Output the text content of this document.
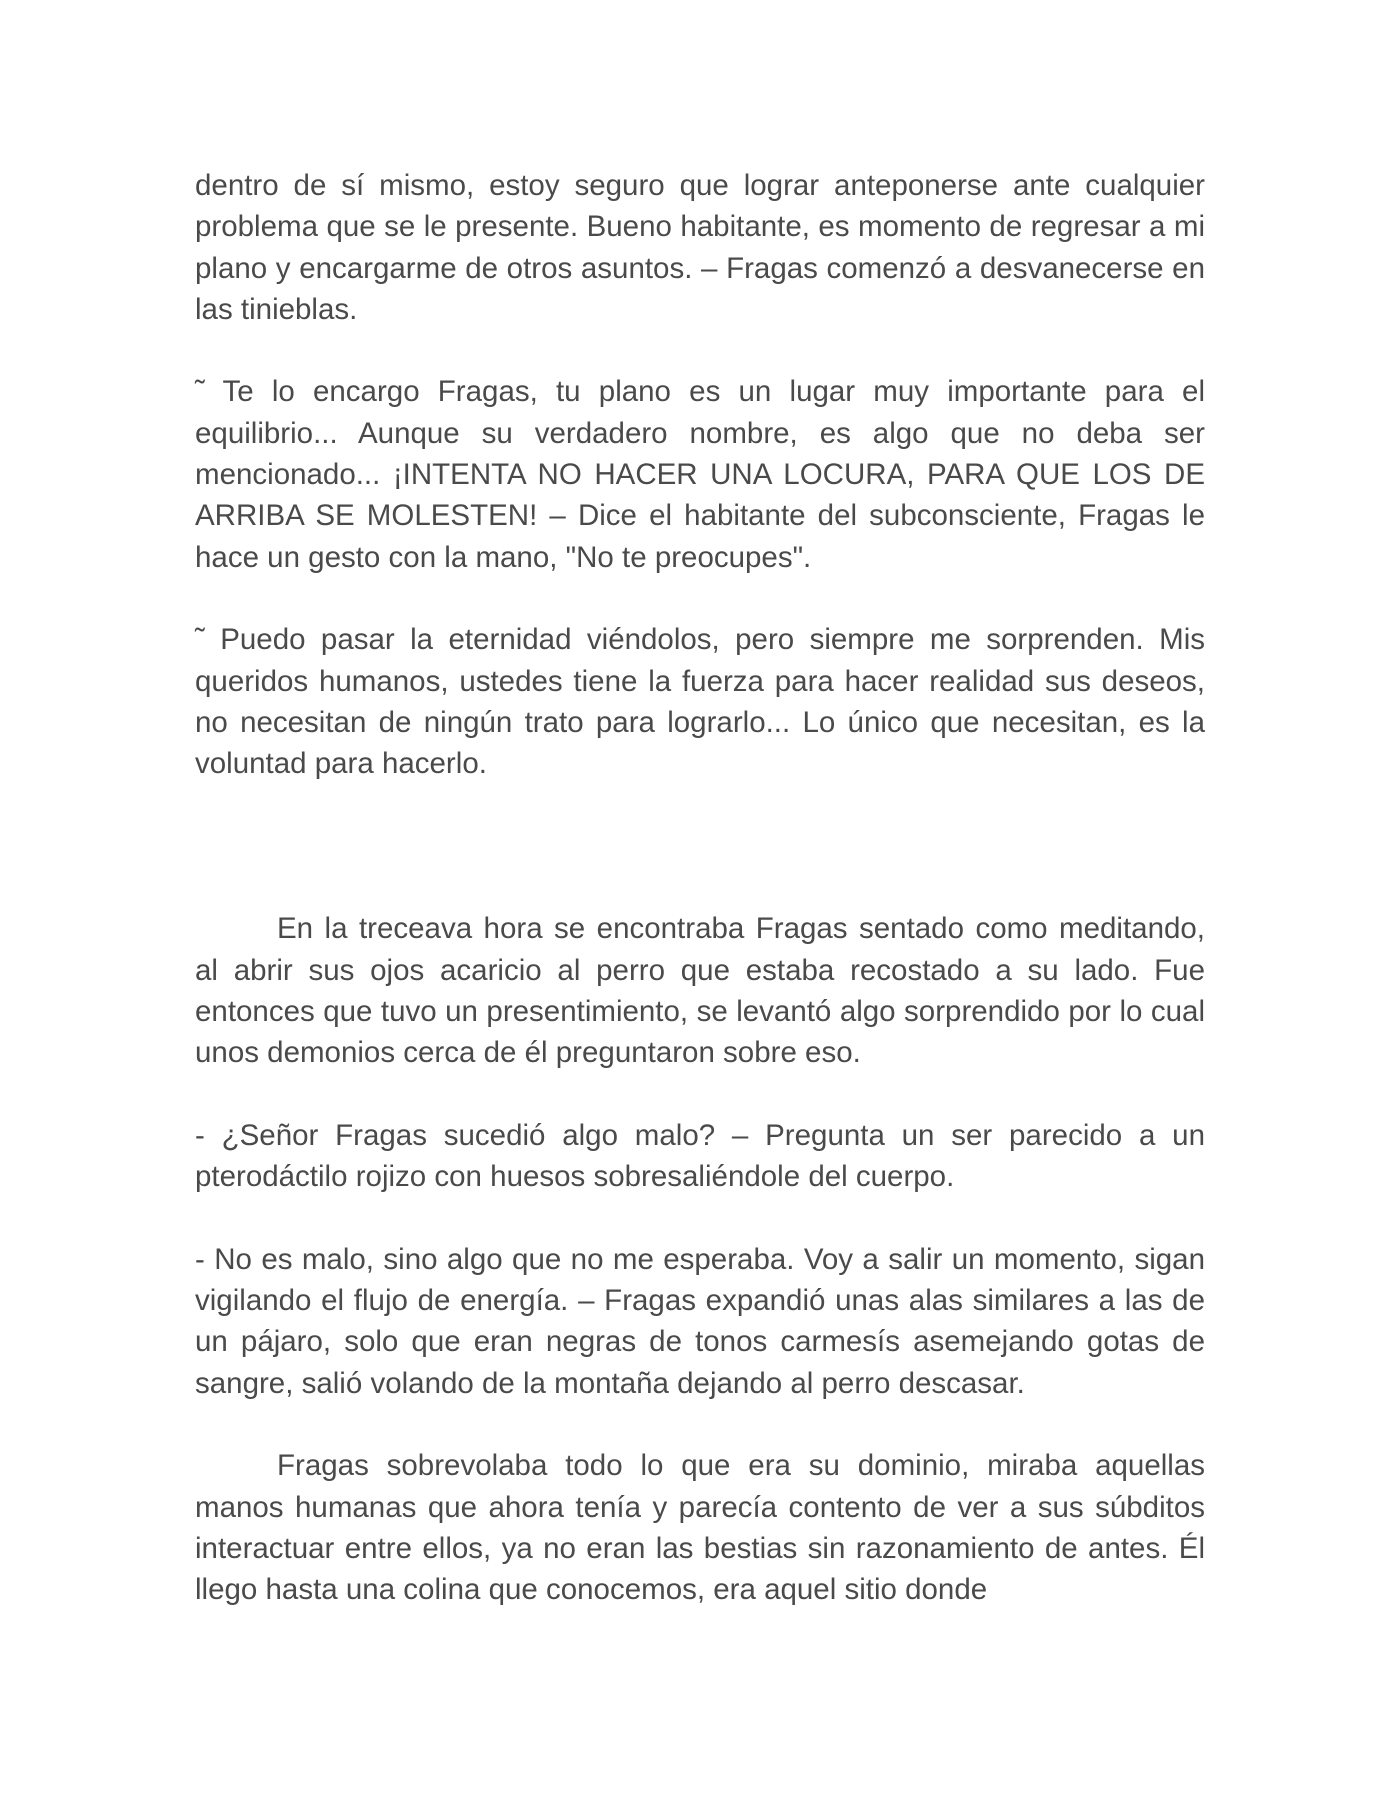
dentro de sí mismo, estoy seguro que lograr anteponerse ante cualquier problema que se le presente. Bueno habitante, es momento de regresar a mi plano y encargarme de otros asuntos. – Fragas comenzó a desvanecerse en las tinieblas.

˜ Te lo encargo Fragas, tu plano es un lugar muy importante para el equilibrio... Aunque su verdadero nombre, es algo que no deba ser mencionado... ¡INTENTA NO HACER UNA LOCURA, PARA QUE LOS DE ARRIBA SE MOLESTEN! – Dice el habitante del subconsciente, Fragas le hace un gesto con la mano, "No te preocupes".

˜ Puedo pasar la eternidad viéndolos, pero siempre me sorprenden. Mis queridos humanos, ustedes tiene la fuerza para hacer realidad sus deseos, no necesitan de ningún trato para lograrlo... Lo único que necesitan, es la voluntad para hacerlo.

En la treceava hora se encontraba Fragas sentado como meditando, al abrir sus ojos acaricio al perro que estaba recostado a su lado. Fue entonces que tuvo un presentimiento, se levantó algo sorprendido por lo cual unos demonios cerca de él preguntaron sobre eso.

- ¿Señor Fragas sucedió algo malo? – Pregunta un ser parecido a un pterodáctilo rojizo con huesos sobresaliéndole del cuerpo.

- No es malo, sino algo que no me esperaba. Voy a salir un momento, sigan vigilando el flujo de energía. – Fragas expandió unas alas similares a las de un pájaro, solo que eran negras de tonos carmesís asemejando gotas de sangre, salió volando de la montaña dejando al perro descasar.

Fragas sobrevolaba todo lo que era su dominio, miraba aquellas manos humanas que ahora tenía y parecía contento de ver a sus súbditos interactuar entre ellos, ya no eran las bestias sin razonamiento de antes. Él llego hasta una colina que conocemos, era aquel sitio donde
